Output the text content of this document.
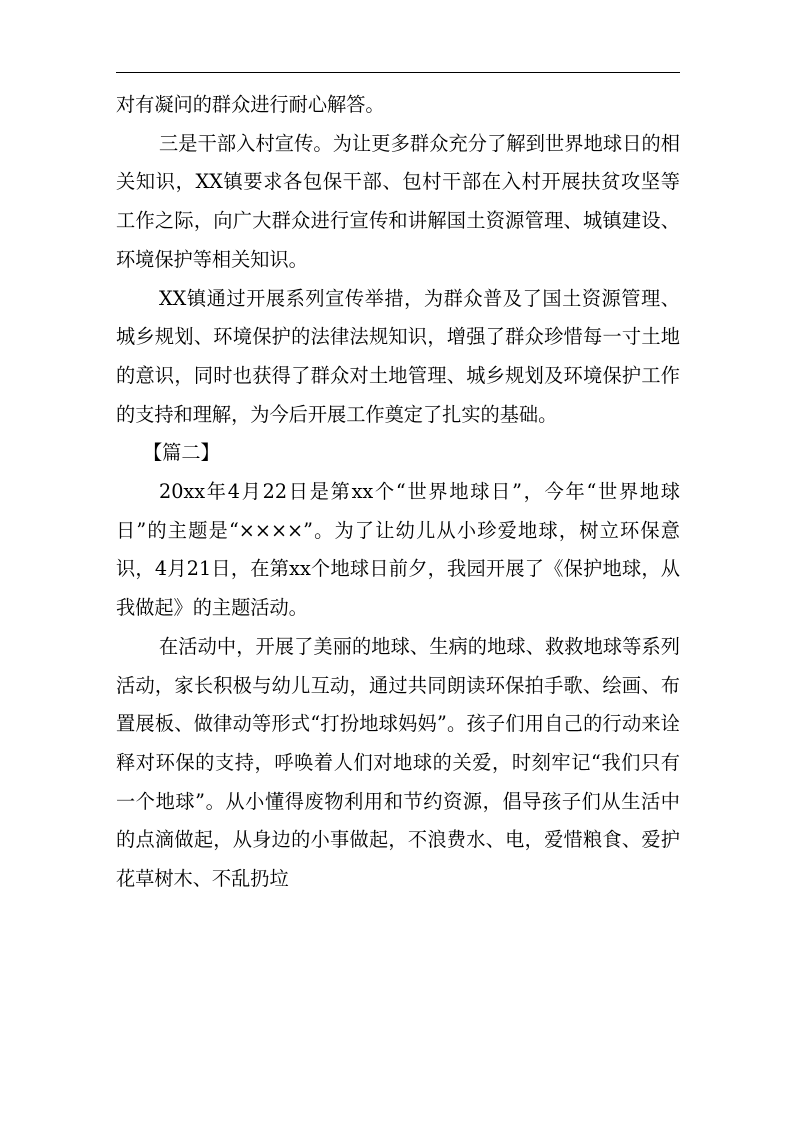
对有凝问的群众进行耐心解答。

三是干部入村宣传。为让更多群众充分了解到世界地球日的相关知识，XX镇要求各包保干部、包村干部在入村开展扶贫攻坚等工作之际，向广大群众进行宣传和讲解国土资源管理、城镇建设、环境保护等相关知识。

XX镇通过开展系列宣传举措，为群众普及了国土资源管理、城乡规划、环境保护的法律法规知识，增强了群众珍惜每一寸土地的意识，同时也获得了群众对土地管理、城乡规划及环境保护工作的支持和理解，为今后开展工作奠定了扎实的基础。

【篇二】

20xx年4月22日是第xx个“世界地球日”，今年“世界地球日”的主题是“××××”。为了让幼儿从小珍爱地球，树立环保意识，4月21日，在第xx个地球日前夕，我园开展了《保护地球，从我做起》的主题活动。

在活动中，开展了美丽的地球、生病的地球、救救地球等系列活动，家长积极与幼儿互动，通过共同朗读环保拍手歌、绘画、布置展板、做律动等形式“打扮地球妈妈”。孩子们用自己的行动来诠释对环保的支持，呼唤着人们对地球的关爱，时刻牢记“我们只有一个地球”。从小懂得废物利用和节约资源，倡导孩子们从生活中的点滴做起，从身边的小事做起，不浪费水、电，爱惜粮食、爱护花草树木、不乱扔垃
